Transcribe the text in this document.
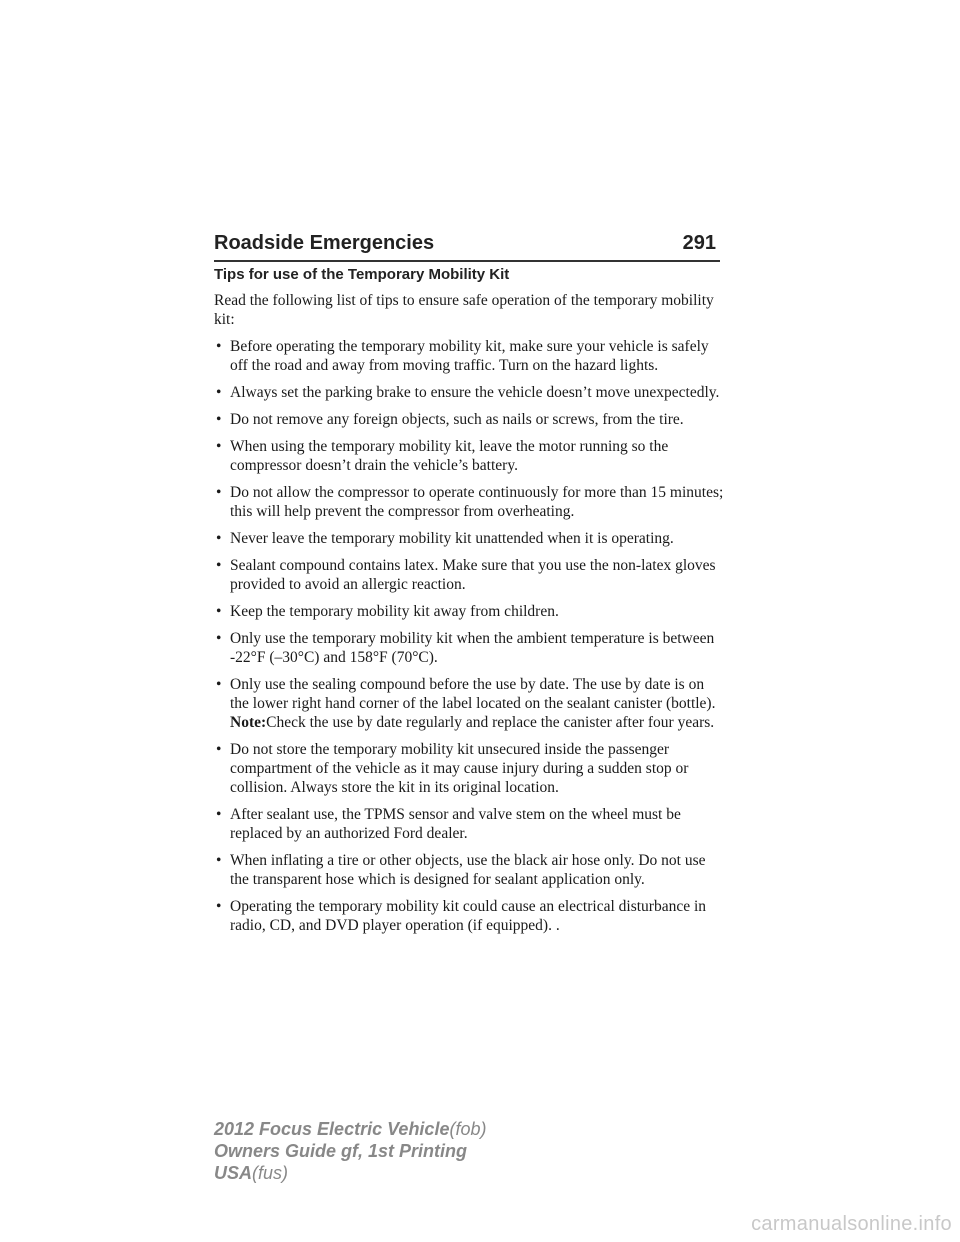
Roadside Emergencies	291
Tips for use of the Temporary Mobility Kit

Read the following list of tips to ensure safe operation of the temporary mobility kit:

• Before operating the temporary mobility kit, make sure your vehicle is safely off the road and away from moving traffic. Turn on the hazard lights.
• Always set the parking brake to ensure the vehicle doesn’t move unexpectedly.
• Do not remove any foreign objects, such as nails or screws, from the tire.
• When using the temporary mobility kit, leave the motor running so the compressor doesn’t drain the vehicle’s battery.
• Do not allow the compressor to operate continuously for more than 15 minutes; this will help prevent the compressor from overheating.
• Never leave the temporary mobility kit unattended when it is operating.
• Sealant compound contains latex. Make sure that you use the non-latex gloves provided to avoid an allergic reaction.
• Keep the temporary mobility kit away from children.
• Only use the temporary mobility kit when the ambient temperature is between -22°F (–30°C) and 158°F (70°C).
• Only use the sealing compound before the use by date. The use by date is on the lower right hand corner of the label located on the sealant canister (bottle). Note:Check the use by date regularly and replace the canister after four years.
• Do not store the temporary mobility kit unsecured inside the passenger compartment of the vehicle as it may cause injury during a sudden stop or collision. Always store the kit in its original location.
• After sealant use, the TPMS sensor and valve stem on the wheel must be replaced by an authorized Ford dealer.
• When inflating a tire or other objects, use the black air hose only. Do not use the transparent hose which is designed for sealant application only.
• Operating the temporary mobility kit could cause an electrical disturbance in radio, CD, and DVD player operation (if equipped). .
2012 Focus Electric Vehicle(fob)
Owners Guide gf, 1st Printing
USA(fus)
carmanualsonline.info
